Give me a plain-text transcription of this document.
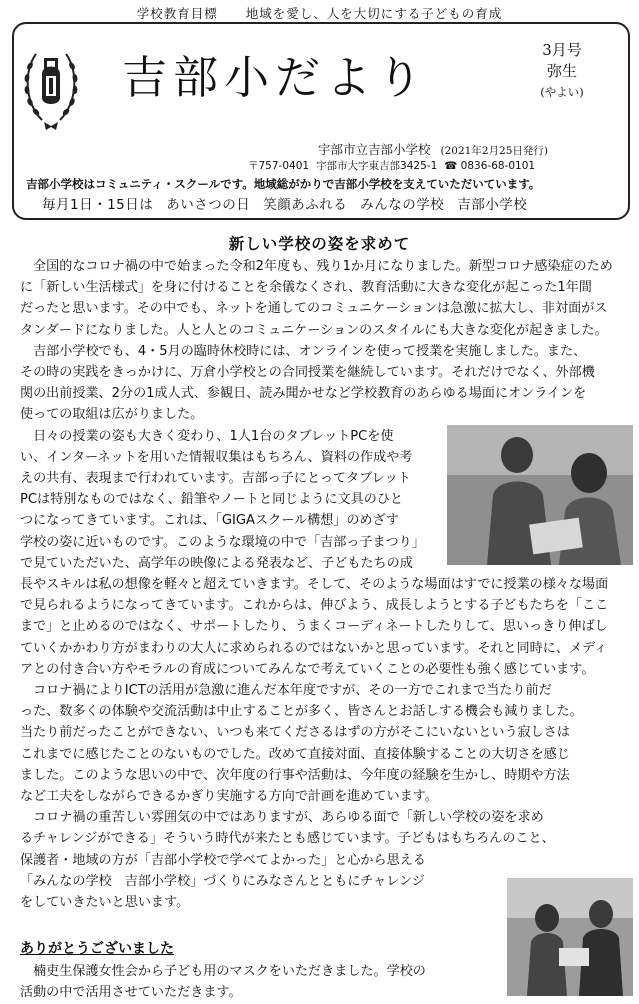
学校教育目標 地域を愛し、人を大切にする子どもの育成
吉部小だより
3月号
弥生
(やよい)
宇部市立吉部小学校 (2021年2月25日発行)
〒757-0401 宇部市大字東吉部3425-1 ☎ 0836-68-0101
吉部小学校はコミュニティ・スクールです。地域総がかりで吉部小学校を支えていただいています。
毎月1日・15日は あいさつの日 笑顔あふれる みんなの学校 吉部小学校
新しい学校の姿を求めて
　全国的なコロナ禍の中で始まった令和2年度も、残り1か月になりました。新型コロナ感染症のため
に「新しい生活様式」を身に付けることを余儀なくされ、教育活動に大きな変化が起こった1年間
だったと思います。その中でも、ネットを通してのコミュニケーションは急激に拡大し、非対面がス
タンダードになりました。人と人とのコミュニケーションのスタイルにも大きな変化が起きました。
　吉部小学校でも、4・5月の臨時休校時には、オンラインを使って授業を実施しました。また、
その時の実践をきっかけに、万倉小学校との合同授業を継続しています。それだけでなく、外部機
関の出前授業、2分の1成人式、参観日、読み聞かせなど学校教育のあらゆる場面にオンラインを
使っての取組は広がりました。
　日々の授業の姿も大きく変わり、1人1台のタブレットPCを使
い、インターネットを用いた情報収集はもちろん、資料の作成や考
えの共有、表現まで行われています。吉部っ子にとってタブレット
PCは特別なものではなく、鉛筆やノートと同じように文具のひと
つになってきています。これは、「GIGAスクール構想」のめざす
学校の姿に近いものです。このような環境の中で「吉部っ子まつり」
で見ていただいた、高学年の映像による発表など、子どもたちの成
長やスキルは私の想像を軽々と超えていきます。そして、そのような場面はすでに授業の様々な場面
で見られるようになってきています。これからは、伸びよう、成長しようとする子どもたちを「ここ
まで」と止めるのではなく、サポートしたり、うまくコーディネートしたりして、思いっきり伸ばし
ていくかかわり方がまわりの大人に求められるのではないかと思っています。それと同時に、メディ
アとの付き合い方やモラルの育成についてみんなで考えていくことの必要性も強く感じています。
　コロナ禍によりICTの活用が急激に進んだ本年度ですが、その一方でこれまで当たり前だ
った、数多くの体験や交流活動は中止することが多く、皆さんとお話しする機会も減りました。
当たり前だったことができない、いつも来てくださるはずの方がそこにいないという寂しさは
これまでに感じたことのないものでした。改めて直接対面、直接体験することの大切さを感じ
ました。このような思いの中で、次年度の行事や活動は、今年度の経験を生かし、時期や方法
など工夫をしながらできるかぎり実施する方向で計画を進めています。
　コロナ禍の重苦しい雰囲気の中ではありますが、あらゆる面で「新しい学校の姿を求め
るチャレンジができる」そういう時代が来たとも感じています。子どもはもちろんのこと、
保護者・地域の方が「吉部小学校で学べてよかった」と心から思える
「みんなの学校　吉部小学校」づくりにみなさんとともにチャレンジ
をしていきたいと思います。
ありがとうございました
　楠吏生保護女性会から子ども用のマスクをいただきました。学校の
活動の中で活用させていただきます。
